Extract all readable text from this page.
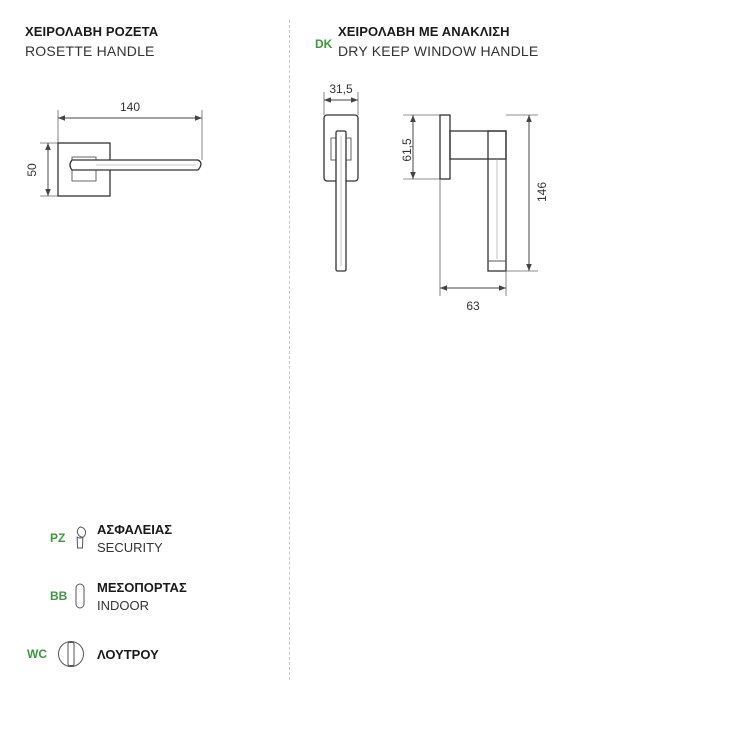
ΧΕΙΡΟΛΑΒΗ ΡΟΖΕΤΑ
ROSETTE HANDLE	DK
ΧΕΙΡΟΛΑΒΗ ΜΕ ΑΝΑΚΛΙΣΗ
DRY KEEP WINDOW HANDLE
140
50
31,5
61,5
146
63
PZ
ΑΣΦΑΛΕΙΑΣ
SECURITY
BB
ΜΕΣΟΠΟΡΤΑΣ
INDOOR
WC	ΛΟΥΤΡΟΥ
